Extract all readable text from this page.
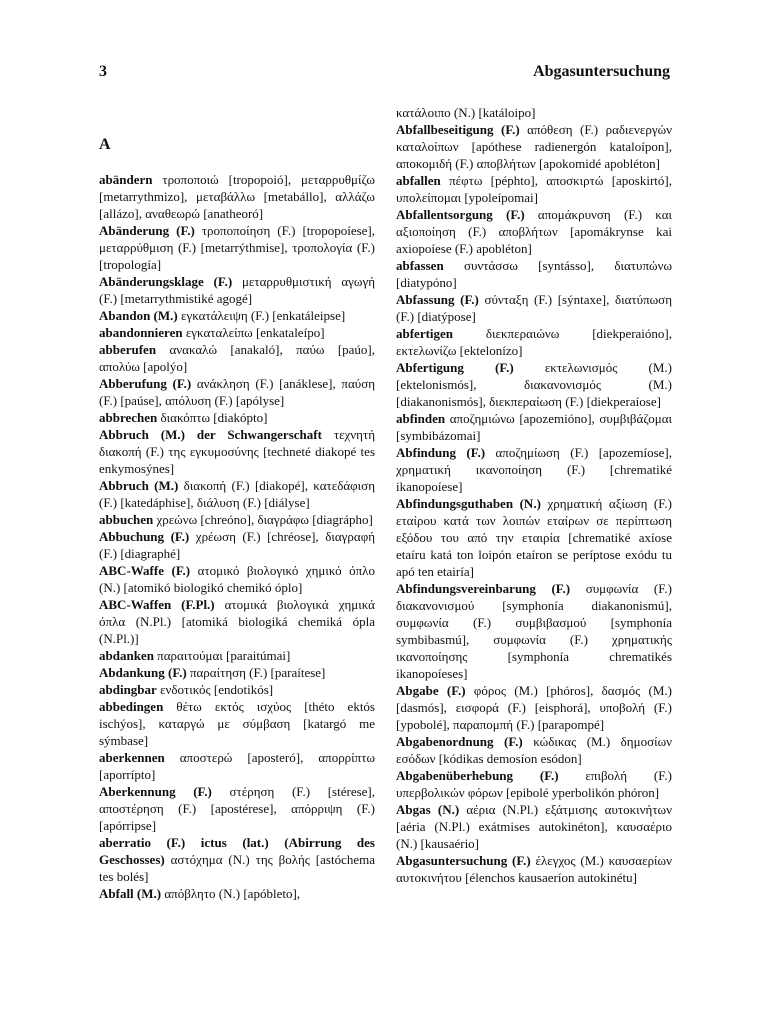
3	Abgasuntersuchung
A

abändern τροποποιώ [tropopoió], μεταρρυθμίζω [metarrythmizo], μεταβάλλω [metabállo], αλλάζω [allázo], αναθεωρώ [anatheoró]

Abänderung (F.) τροποποίηση (F.) [tropopoíese], μεταρρύθμιση (F.) [metarrýthmise], τροπολογία (F.) [tropología]

Abänderungsklage (F.) μεταρρυθμιστική αγωγή (F.) [metarrythmistiké agogé]

Abandon (M.) εγκατάλειψη (F.) [enkatáleipse]

abandonnieren εγκαταλείπω [enkataleípo]

abberufen ανακαλώ [anakaló], παύω [paúo], απολύω [apolýo]

Abberufung (F.) ανάκληση (F.) [anáklese], παύση (F.) [paúse], απόλυση (F.) [apólyse]

abbrechen διακόπτω [diakópto]

Abbruch (M.) der Schwangerschaft τεχνητή διακοπή (F.) της εγκυμοσύνης [techneté diakopé tes enkymosýnes]

Abbruch (M.) διακοπή (F.) [diakopé], κατεδάφιση (F.) [katedáphise], διάλυση (F.) [diályse]

abbuchen χρεώνω [chreóno], διαγράφω [diagrápho]

Abbuchung (F.) χρέωση (F.) [chréose], διαγραφή (F.) [diagraphé]

ABC-Waffe (F.) ατομικό βιολογικό χημικό όπλο (N.) [atomikó biologikó chemikó óplo]

ABC-Waffen (F.Pl.) ατομικά βιολογικά χημικά όπλα (N.Pl.) [atomiká biologiká chemiká ópla (N.Pl.)]

abdanken παραιτούμαι [paraitúmai]

Abdankung (F.) παραίτηση (F.) [paraítese]

abdingbar ενδοτικός [endotikós]

abbedingen θέτω εκτός ισχύος [théto ektós ischýos], καταργώ με σύμβαση [katargó me sýmbase]

aberkennen αποστερώ [aposteró], απορρίπτω [aporrípto]

Aberkennung (F.) στέρηση (F.) [stérese], αποστέρηση (F.) [apostérese], απόρριψη (F.) [apórripse]

aberratio (F.) ictus (lat.) (Abirrung des Geschosses) αστόχημα (N.) της βολής [astóchema tes bolés]

Abfall (M.) απόβλητο (N.) [apóbleto],

κατάλοιπο (N.) [katáloipo]

Abfallbeseitigung (F.) απόθεση (F.) ραδιενεργών καταλοίπων [apóthese radienergón kataloípon], αποκομιδή (F.) αποβλήτων [apokomidé apobléton]

abfallen πέφτω [péphto], αποσκιρτώ [aposkirtó], υπολείπομαι [ypoleípomai]

Abfallentsorgung (F.) απομάκρυνση (F.) και αξιοποίηση (F.) αποβλήτων [apomákrynse kai axiopoíese (F.) apobléton]

abfassen συντάσσω [syntásso], διατυπώνω [diatypóno]

Abfassung (F.) σύνταξη (F.) [sýntaxe], διατύπωση (F.) [diatýpose]

abfertigen	διεκπεραιώνω [diekperaióno], εκτελωνίζω [ektelonízo]

Abfertigung (F.) εκτελωνισμός (M.) [ektelonismós], διακανονισμός (M.) [diakanonismós], διεκπεραίωση (F.) [diekperaíose]

abfinden αποζημιώνω [apozemióno], συμβιβάζομαι [symbibázomai]

Abfindung (F.) αποζημίωση (F.) [apozemíose], χρηματική ικανοποίηση (F.) [chrematiké ikanopoíese]

Abfindungsguthaben (N.) χρηματική αξίωση (F.) εταίρου κατά των λοιπών εταίρων σε περίπτωση εξόδου του από την εταιρία [chrematiké axíose etaíru katá ton loipón etaíron se períptose exódu tu apó ten etairía]

Abfindungsvereinbarung (F.) συμφωνία (F.) διακανονισμού [symphonía diakanonismú], συμφωνία (F.) συμβιβασμού [symphonía symbibasmú], συμφωνία (F.) χρηματικής ικανοποίησης [symphonía chrematikés ikanopoíeses]

Abgabe (F.) φόρος (M.) [phóros], δασμός (M.) [dasmós], εισφορά (F.) [eisphorá], υποβολή (F.) [ypobolé], παραπομπή (F.) [parapompé]

Abgabenordnung (F.) κώδικας (M.) δημοσίων εσόδων [kódikas demosíon esódon]

Abgabenüberhebung (F.) επιβολή (F.) υπερβολικών φόρων [epibolé yperbolikón phóron]

Abgas (N.) αέρια (N.Pl.) εξάτμισης αυτοκινήτων [aéria (N.Pl.) exátmises autokinéton], καυσαέριο (N.) [kausaério]

Abgasuntersuchung (F.) έλεγχος (M.) καυσαερίων αυτοκινήτου [élenchos kausaeríon autokinétu]
